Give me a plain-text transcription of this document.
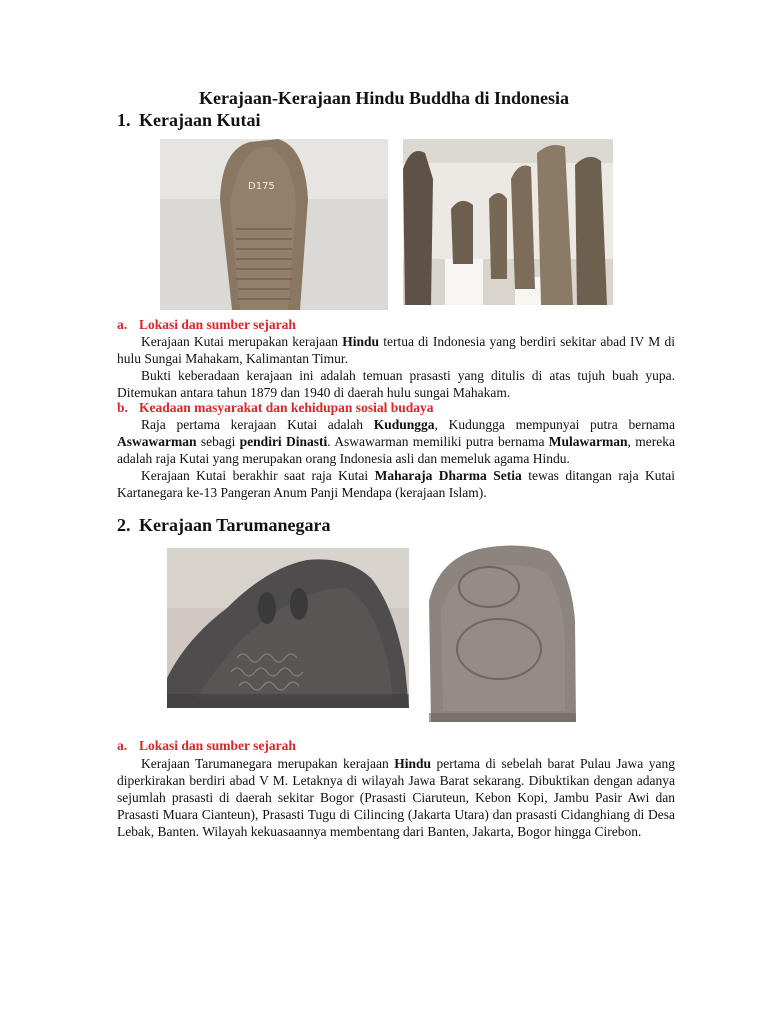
Kerajaan-Kerajaan Hindu Buddha di Indonesia
1. Kerajaan Kutai
D175
a. Lokasi dan sumber sejarah

Kerajaan Kutai merupakan kerajaan Hindu tertua di Indonesia yang berdiri sekitar abad IV M di hulu Sungai Mahakam, Kalimantan Timur.

Bukti keberadaan kerajaan ini adalah temuan prasasti yang ditulis di atas tujuh buah yupa. Ditemukan antara tahun 1879 dan 1940 di daerah hulu sungai Mahakam.

b. Keadaan masyarakat dan kehidupan sosial budaya

Raja pertama kerajaan Kutai adalah Kudungga, Kudungga mempunyai putra bernama Aswawarman sebagi pendiri Dinasti. Aswawarman memiliki putra bernama Mulawarman, mereka adalah raja Kutai yang merupakan orang Indonesia asli dan memeluk agama Hindu.

Kerajaan Kutai berakhir saat raja Kutai Maharaja Dharma Setia tewas ditangan raja Kutai Kartanegara ke-13 Pangeran Anum Panji Mendapa (kerajaan Islam).

2. Kerajaan Tarumanegara
a. Lokasi dan sumber sejarah

Kerajaan Tarumanegara merupakan kerajaan Hindu pertama di sebelah barat Pulau Jawa yang diperkirakan berdiri abad V M. Letaknya di wilayah Jawa Barat sekarang. Dibuktikan dengan adanya sejumlah prasasti di daerah sekitar Bogor (Prasasti Ciaruteun, Kebon Kopi, Jambu Pasir Awi dan Prasasti Muara Cianteun), Prasasti Tugu di Cilincing (Jakarta Utara) dan prasasti Cidanghiang di Desa Lebak, Banten. Wilayah kekuasaannya membentang dari Banten, Jakarta, Bogor hingga Cirebon.
